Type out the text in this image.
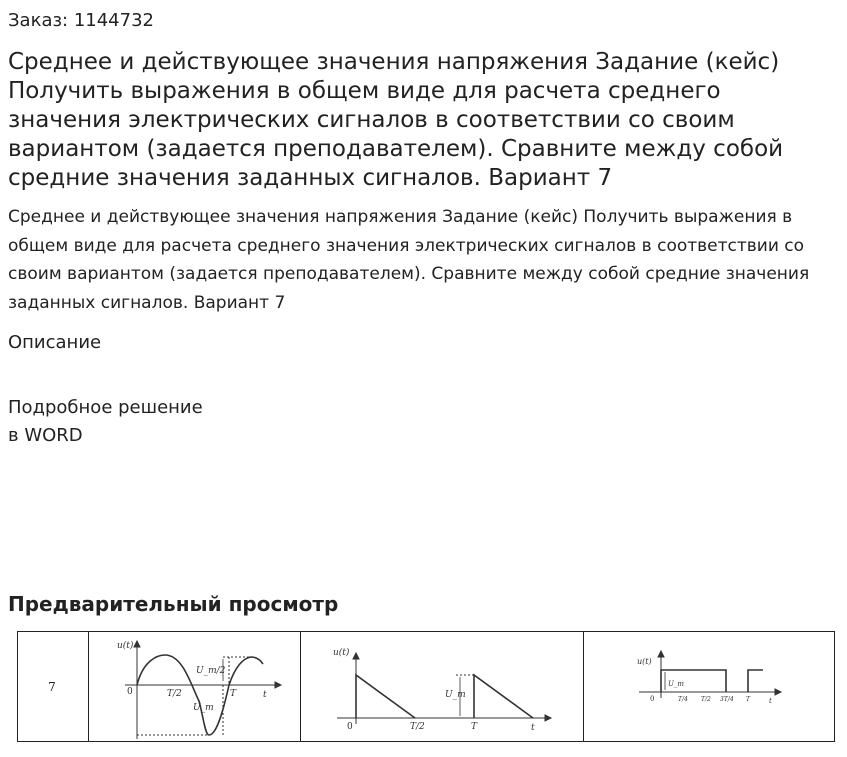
Заказ: 1144732
Среднее и действующее значения напряжения Задание (кейс) Получить выражения в общем виде для расчета среднего значения электрических сигналов в соответствии со своим вариантом (задается преподавателем). Сравните между собой средние значения заданных сигналов. Вариант 7
Среднее и действующее значения напряжения Задание (кейс) Получить выражения в общем виде для расчета среднего значения электрических сигналов в соответствии со своим вариантом (задается преподавателем). Сравните между собой средние значения заданных сигналов. Вариант 7
Описание
Подробное решение
в WORD
Предварительный просмотр
7
u(t)
0	T/2	T	t
U_m/2
U_m
u(t)
0	T/2	T	t
U_m
u(t)
0	T/4 T/2 3T/4 T	t
U_m
